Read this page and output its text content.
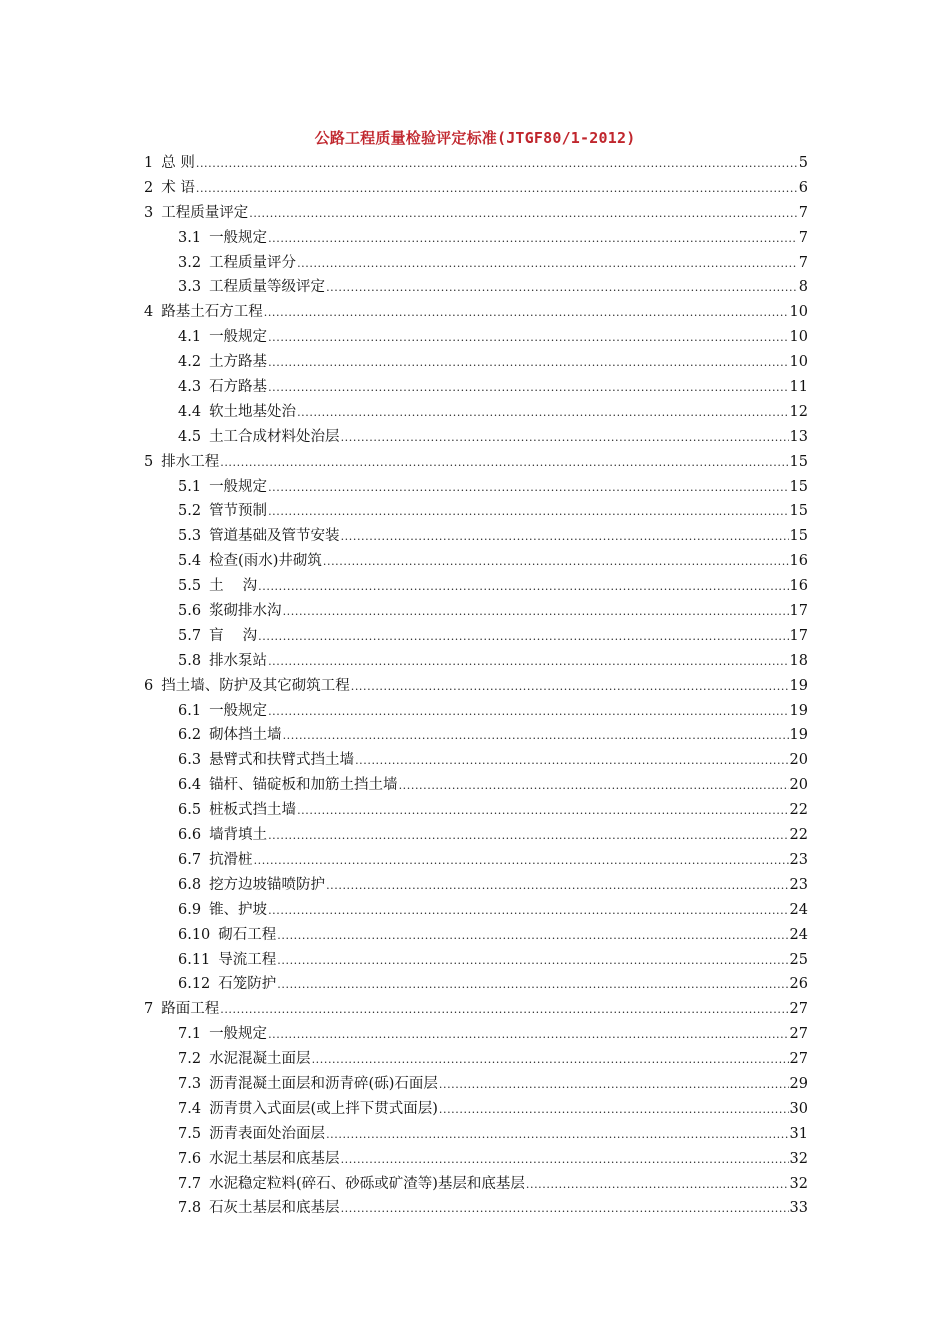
公路工程质量检验评定标准(JTGF80/1-2012)
1 总 则 .....	5
2 术 语 .....	6
3 工程质量评定 .....	7
3.1 一般规定 .....	7
3.2 工程质量评分 .....	7
3.3 工程质量等级评定 .....	8
4 路基土石方工程 .....	10
4.1 一般规定 .....	10
4.2 土方路基 .....	10
4.3 石方路基 .....	11
4.4 软土地基处治 .....	12
4.5 土工合成材料处治层 .....	13
5 排水工程 .....	15
5.1 一般规定 .....	15
5.2 管节预制 .....	15
5.3 管道基础及管节安装 .....	15
5.4 检查(雨水)井砌筑 .....	16
5.5 土　 沟 .....	16
5.6 浆砌排水沟 .....	17
5.7 盲　 沟 .....	17
5.8 排水泵站 .....	18
6 挡土墙、防护及其它砌筑工程 .....	19
6.1 一般规定 .....	19
6.2 砌体挡土墙 .....	19
6.3 悬臂式和扶臂式挡土墙 .....	20
6.4 锚杆、锚碇板和加筋土挡土墙 .....	20
6.5 桩板式挡土墙 .....	22
6.6 墙背填土 .....	22
6.7 抗滑桩 .....	23
6.8 挖方边坡锚喷防护 .....	23
6.9 锥、护坡 .....	24
6.10 砌石工程 .....	24
6.11 导流工程 .....	25
6.12 石笼防护 .....	26
7 路面工程 .....	27
7.1 一般规定 .....	27
7.2 水泥混凝土面层 .....	27
7.3 沥青混凝土面层和沥青碎(砾)石面层 .....	29
7.4 沥青贯入式面层(或上拌下贯式面层) .....	30
7.5 沥青表面处治面层 .....	31
7.6 水泥土基层和底基层 .....	32
7.7 水泥稳定粒料(碎石、砂砾或矿渣等)基层和底基层 .....	32
7.8 石灰土基层和底基层 .....	33
